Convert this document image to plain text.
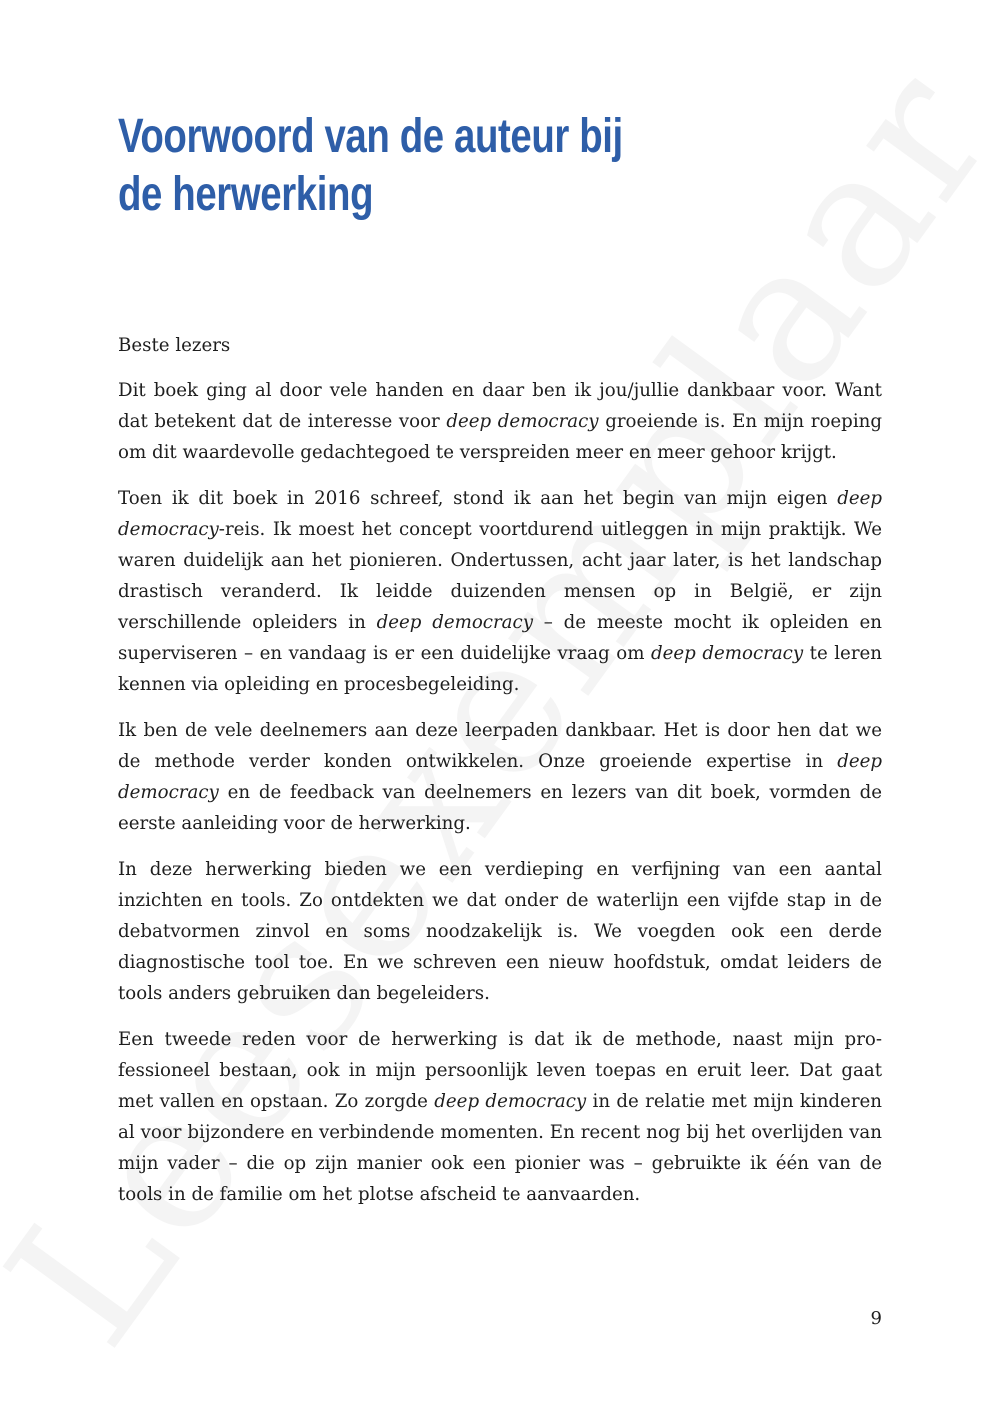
Voorwoord van de auteur bij
de herwerking

Beste lezers

Dit boek ging al door vele handen en daar ben ik jou/jullie dankbaar voor. Want dat betekent dat de interesse voor deep democracy groeiende is. En mijn roeping om dit waardevolle gedachtegoed te verspreiden meer en meer gehoor krijgt.

Toen ik dit boek in 2016 schreef, stond ik aan het begin van mijn eigen deep democracy-reis. Ik moest het concept voortdurend uitleggen in mijn praktijk. We waren duidelijk aan het pionieren. Ondertussen, acht jaar later, is het landschap drastisch veranderd. Ik leidde duizenden mensen op in België, er zijn verschillende opleiders in deep democracy – de meeste mocht ik opleiden en superviseren – en vandaag is er een duidelijke vraag om deep democracy te leren kennen via opleiding en procesbegeleiding.

Ik ben de vele deelnemers aan deze leerpaden dankbaar. Het is door hen dat we de methode verder konden ontwikkelen. Onze groeiende expertise in deep democracy en de feedback van deelnemers en lezers van dit boek, vormden de eerste aanleiding voor de herwerking.

In deze herwerking bieden we een verdieping en verfijning van een aantal inzichten en tools. Zo ontdekten we dat onder de waterlijn een vijfde stap in de debatvormen zinvol en soms noodzakelijk is. We voegden ook een derde diagnostische tool toe. En we schreven een nieuw hoofdstuk, omdat leiders de tools anders gebruiken dan begeleiders.

Een tweede reden voor de herwerking is dat ik de methode, naast mijn professioneel bestaan, ook in mijn persoonlijk leven toepas en eruit leer. Dat gaat met vallen en opstaan. Zo zorgde deep democracy in de relatie met mijn kinderen al voor bijzondere en verbindende momenten. En recent nog bij het overlijden van mijn vader – die op zijn manier ook een pionier was – gebruikte ik één van de tools in de familie om het plotse afscheid te aanvaarden.

9
